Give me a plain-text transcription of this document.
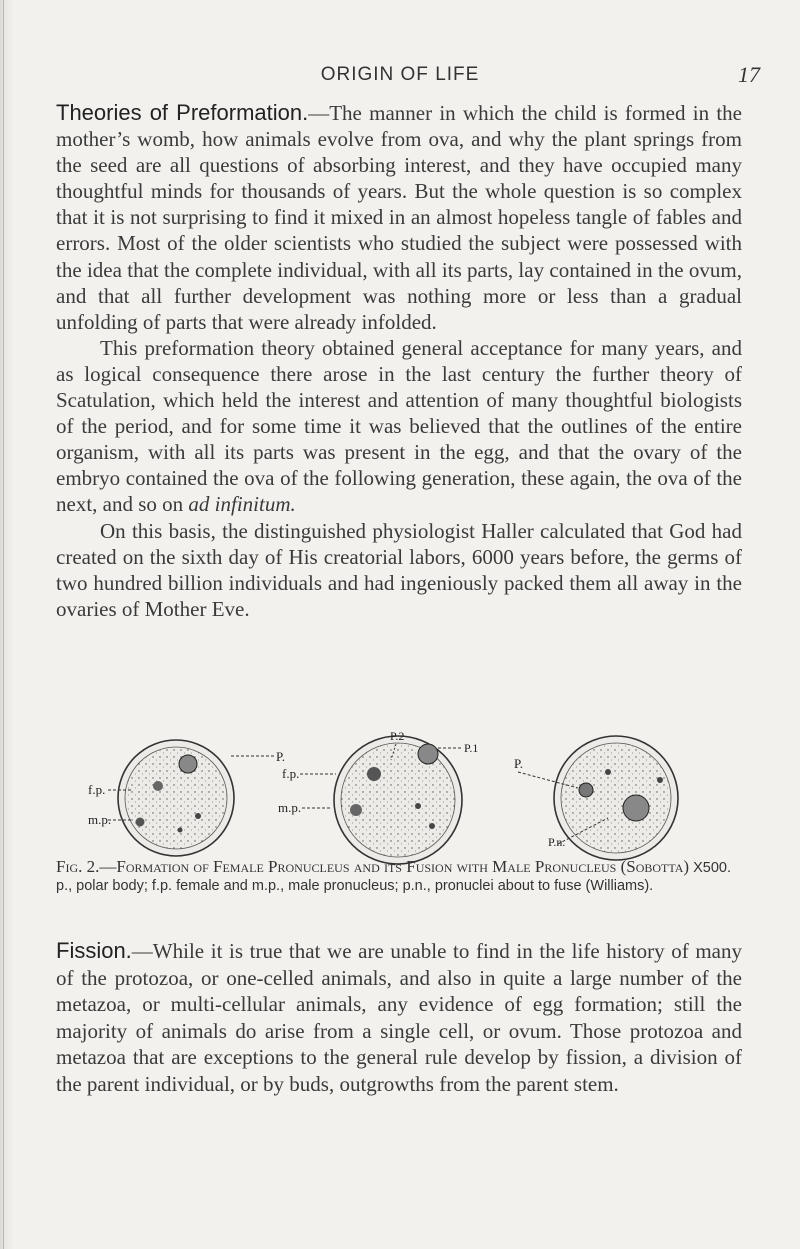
ORIGIN OF LIFE	17

Theories of Preformation.—The manner in which the child is formed in the mother’s womb, how animals evolve from ova, and why the plant springs from the seed are all questions of absorbing interest, and they have occupied many thoughtful minds for thousands of years. But the whole question is so complex that it is not surprising to find it mixed in an almost hopeless tangle of fables and errors. Most of the older scientists who studied the subject were possessed with the idea that the complete individual, with all its parts, lay contained in the ovum, and that all further development was nothing more or less than a gradual unfolding of parts that were already infolded.

This preformation theory obtained general acceptance for many years, and as logical consequence there arose in the last century the further theory of Scatulation, which held the interest and attention of many thoughtful biologists of the period, and for some time it was believed that the outlines of the entire organism, with all its parts was present in the egg, and that the ovary of the embryo contained the ova of the following generation, these again, the ova of the next, and so on ad infinitum.

On this basis, the distinguished physiologist Haller calculated that God had created on the sixth day of His creatorial labors, 6000 years before, the germs of two hundred billion individuals and had ingeniously packed them all away in the ovaries of Mother Eve.

P.
f.p.
m.p.
P.2
P.1
f.p.
m.p.
P.
P.n.
Fig. 2.—Formation of Female Pronucleus and its Fusion with Male Pronucleus (Sobotta) X500. p., polar body; f.p. female and m.p., male pronucleus; p.n., pronuclei about to fuse (Williams).

Fission.—While it is true that we are unable to find in the life history of many of the protozoa, or one-celled animals, and also in quite a large number of the metazoa, or multi-cellular animals, any evidence of egg formation; still the majority of animals do arise from a single cell, or ovum. Those protozoa and metazoa that are exceptions to the general rule develop by fission, a division of the parent individual, or by buds, outgrowths from the parent stem.
